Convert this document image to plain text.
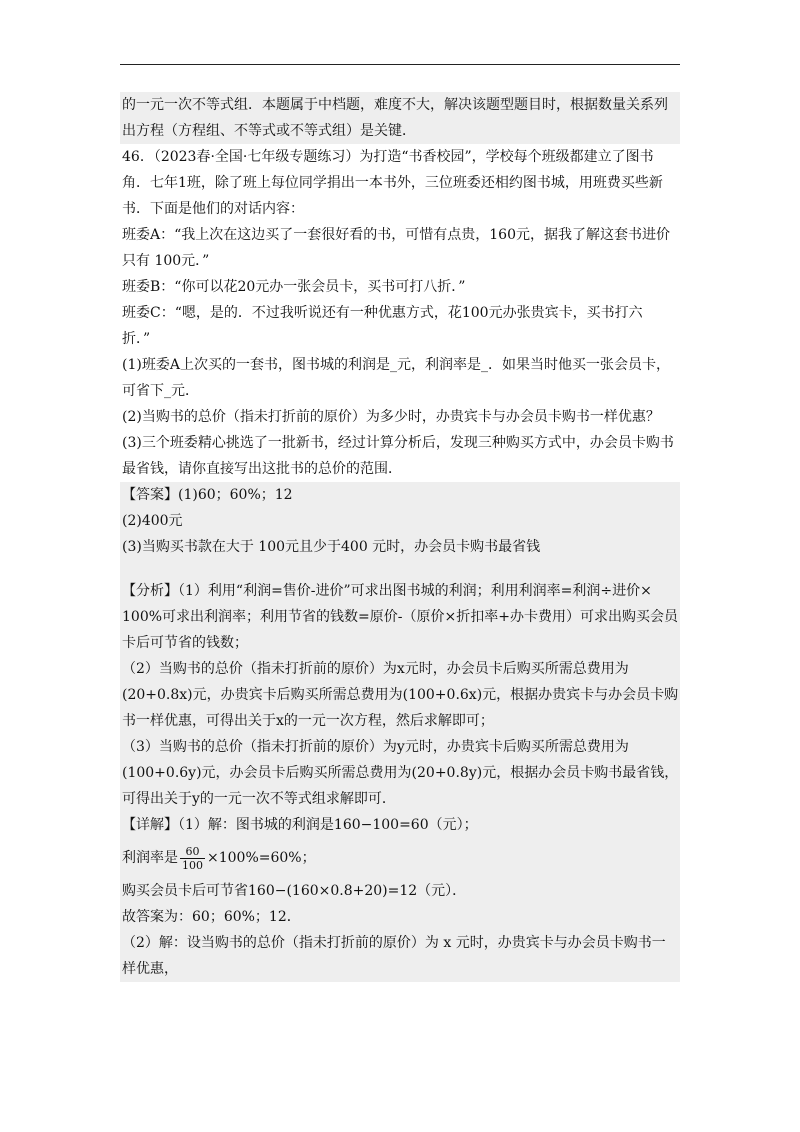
的一元一次不等式组．本题属于中档题，难度不大，解决该题型题目时，根据数量关系列
出方程（方程组、不等式或不等式组）是关键．
46．（2023春·全国·七年级专题练习）为打造“书香校园”，学校每个班级都建立了图书
角．七年1班，除了班上每位同学捐出一本书外，三位班委还相约图书城，用班费买些新
书．下面是他们的对话内容：
班委A：“我上次在这边买了一套很好看的书，可惜有点贵，160元，据我了解这套书进价
只有 100元．”
班委B：“你可以花20元办一张会员卡，买书可打八折．”
班委C：“嗯，是的．不过我听说还有一种优惠方式，花100元办张贵宾卡，买书打六
折．”
(1)班委A上次买的一套书，图书城的利润是_元，利润率是_．如果当时他买一张会员卡，
可省下_元．
(2)当购书的总价（指未打折前的原价）为多少时，办贵宾卡与办会员卡购书一样优惠？
(3)三个班委精心挑选了一批新书，经过计算分析后，发现三种购买方式中，办会员卡购书
最省钱，请你直接写出这批书的总价的范围．
【答案】(1)60；60%；12
(2)400元
(3)当购买书款在大于 100元且少于400 元时，办会员卡购书最省钱
【分析】（1）利用“利润=售价-进价”可求出图书城的利润；利用利润率=利润÷进价×
100%可求出利润率；利用节省的钱数=原价-（原价×折扣率+办卡费用）可求出购买会员
卡后可节省的钱数；
（2）当购书的总价（指未打折前的原价）为x元时，办会员卡后购买所需总费用为
(20+0.8x)元，办贵宾卡后购买所需总费用为(100+0.6x)元，根据办贵宾卡与办会员卡购
书一样优惠，可得出关于x的一元一次方程，然后求解即可；
（3）当购书的总价（指未打折前的原价）为y元时，办贵宾卡后购买所需总费用为
(100+0.6y)元，办会员卡后购买所需总费用为(20+0.8y)元，根据办会员卡购书最省钱，
可得出关于y的一元一次不等式组求解即可．
【详解】（1）解：图书城的利润是160−100=60（元）；
利润率是 $\frac{60}{100} \times 100\%=60\%$；
购买会员卡后可节省160−(160×0.8+20)=12（元）．
故答案为：60；60%；12．
（2）解：设当购书的总价（指未打折前的原价）为 x 元时，办贵宾卡与办会员卡购书一
样优惠，
